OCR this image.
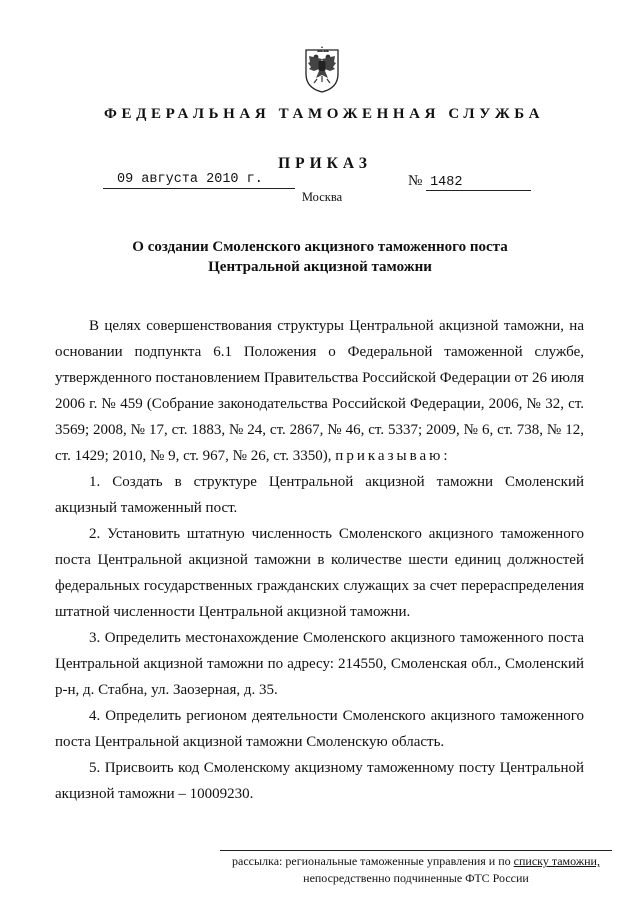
ФЕДЕРАЛЬНАЯ ТАМОЖЕННАЯ СЛУЖБА
ПРИКАЗ
09 августа 2010 г.	№ 1482
Москва
О создании Смоленского акцизного таможенного поста
Центральной акцизной таможни

В целях совершенствования структуры Центральной акцизной таможни, на основании подпункта 6.1 Положения о Федеральной таможенной службе, утвержденного постановлением Правительства Российской Федерации от 26 июля 2006 г. № 459 (Собрание законодательства Российской Федерации, 2006, № 32, ст. 3569; 2008, № 17, ст. 1883, № 24, ст. 2867, № 46, ст. 5337; 2009, № 6, ст. 738, № 12, ст. 1429; 2010, № 9, ст. 967, № 26, ст. 3350), приказываю:

1. Создать в структуре Центральной акцизной таможни Смоленский акцизный таможенный пост.

2. Установить штатную численность Смоленского акцизного таможенного поста Центральной акцизной таможни в количестве шести единиц должностей федеральных государственных гражданских служащих за счет перераспределения штатной численности Центральной акцизной таможни.

3. Определить местонахождение Смоленского акцизного таможенного поста Центральной акцизной таможни по адресу: 214550, Смоленская обл., Смоленский р-н, д. Стабна, ул. Заозерная, д. 35.

4. Определить регионом деятельности Смоленского акцизного таможенного поста Центральной акцизной таможни Смоленскую область.

5. Присвоить код Смоленскому акцизному таможенному посту Центральной акцизной таможни – 10009230.

рассылка: региональные таможенные управления и по списку таможни,
непосредственно подчиненные ФТС России
